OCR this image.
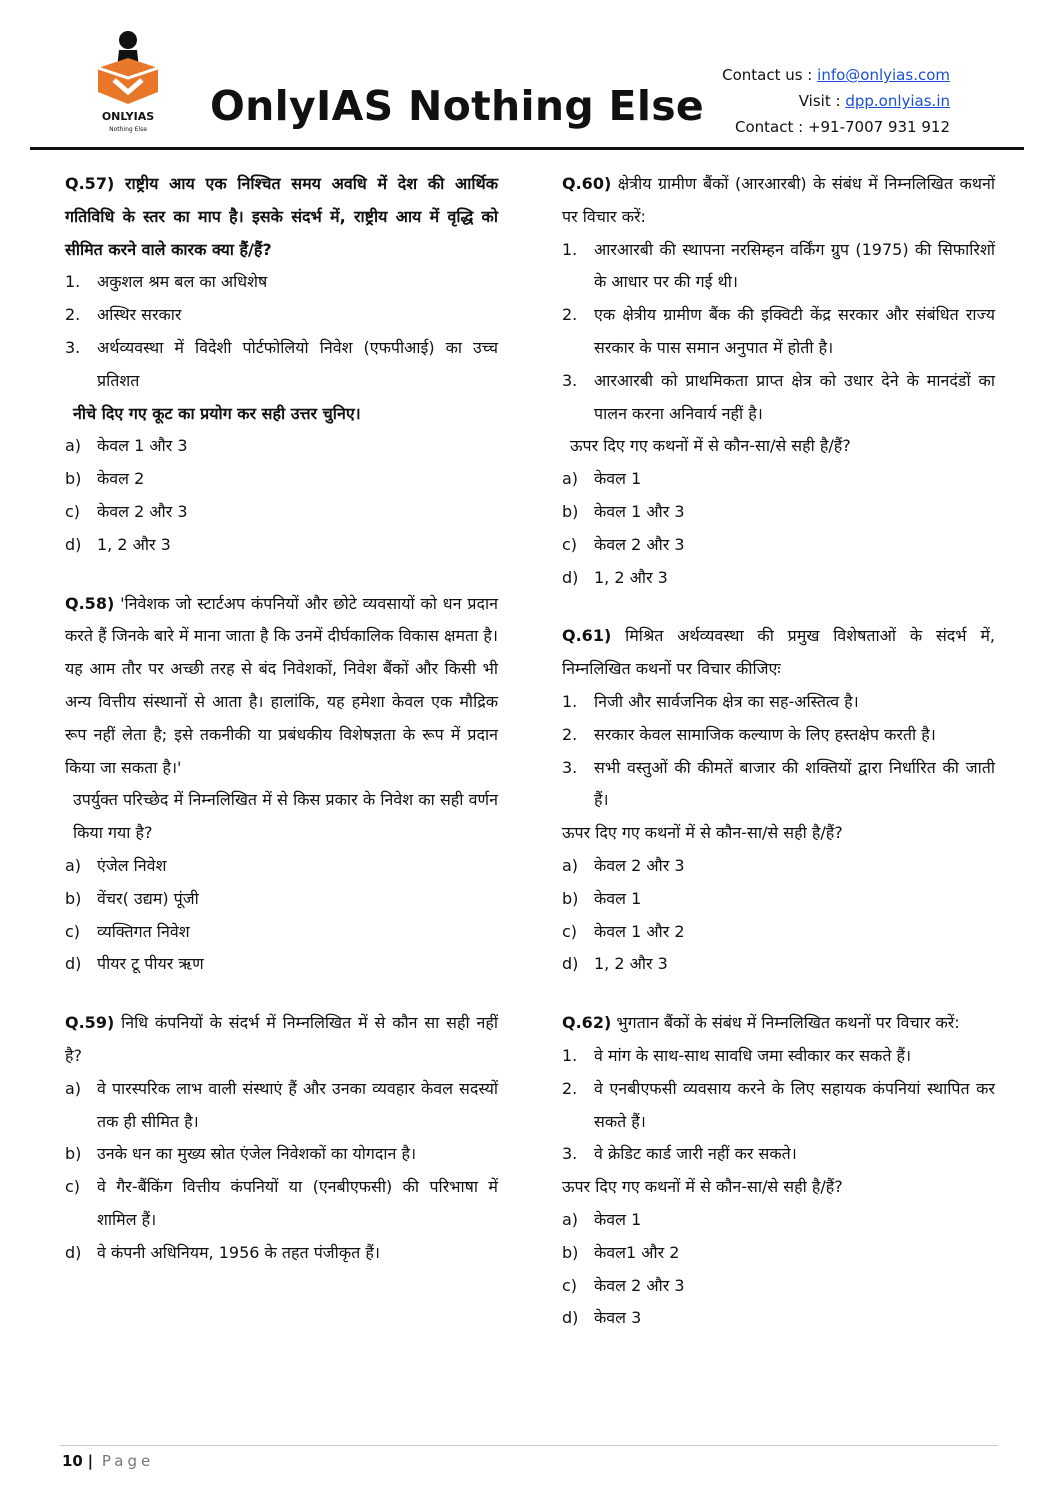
ONLYIAS
Nothing Else OnlyIAS Nothing Else
Contact us : info@onlyias.com
Visit : dpp.onlyias.in
Contact : +91-7007 931 912

Q.57) राष्ट्रीय आय एक निश्चित समय अवधि में देश की आर्थिक गतिविधि के स्तर का माप है। इसके संदर्भ में, राष्ट्रीय आय में वृद्धि को सीमित करने वाले कारक क्या हैं/हैं?

1. अकुशल श्रम बल का अधिशेष

2. अस्थिर सरकार

3. अर्थव्यवस्था में विदेशी पोर्टफोलियो निवेश (एफपीआई) का उच्च प्रतिशत

नीचे दिए गए कूट का प्रयोग कर सही उत्तर चुनिए।

a) केवल 1 और 3

b) केवल 2

c) केवल 2 और 3

d) 1, 2 और 3

Q.58) 'निवेशक जो स्टार्टअप कंपनियों और छोटे व्यवसायों को धन प्रदान करते हैं जिनके बारे में माना जाता है कि उनमें दीर्घकालिक विकास क्षमता है। यह आम तौर पर अच्छी तरह से बंद निवेशकों, निवेश बैंकों और किसी भी अन्य वित्तीय संस्थानों से आता है। हालांकि, यह हमेशा केवल एक मौद्रिक रूप नहीं लेता है; इसे तकनीकी या प्रबंधकीय विशेषज्ञता के रूप में प्रदान किया जा सकता है।'

उपर्युक्त परिच्छेद में निम्नलिखित में से किस प्रकार के निवेश का सही वर्णन किया गया है?

a) एंजेल निवेश

b) वेंचर( उद्यम) पूंजी

c) व्यक्तिगत निवेश

d) पीयर टू पीयर ऋण

Q.59) निधि कंपनियों के संदर्भ में निम्नलिखित में से कौन सा सही नहीं है?

a) वे पारस्परिक लाभ वाली संस्थाएं हैं और उनका व्यवहार केवल सदस्यों तक ही सीमित है।

b) उनके धन का मुख्य स्रोत एंजेल निवेशकों का योगदान है।

c) वे गैर-बैंकिंग वित्तीय कंपनियों या (एनबीएफसी) की परिभाषा में शामिल हैं।

d) वे कंपनी अधिनियम, 1956 के तहत पंजीकृत हैं।

Q.60) क्षेत्रीय ग्रामीण बैंकों (आरआरबी) के संबंध में निम्नलिखित कथनों पर विचार करें:

1. आरआरबी की स्थापना नरसिम्हन वर्किंग ग्रुप (1975) की सिफारिशों के आधार पर की गई थी।

2. एक क्षेत्रीय ग्रामीण बैंक की इक्विटी केंद्र सरकार और संबंधित राज्य सरकार के पास समान अनुपात में होती है।

3. आरआरबी को प्राथमिकता प्राप्त क्षेत्र को उधार देने के मानदंडों का पालन करना अनिवार्य नहीं है।

ऊपर दिए गए कथनों में से कौन-सा/से सही है/हैं?

a) केवल 1

b) केवल 1 और 3

c) केवल 2 और 3

d) 1, 2 और 3

Q.61) मिश्रित अर्थव्यवस्था की प्रमुख विशेषताओं के संदर्भ में, निम्नलिखित कथनों पर विचार कीजिएः

1. निजी और सार्वजनिक क्षेत्र का सह-अस्तित्व है।

2. सरकार केवल सामाजिक कल्याण के लिए हस्तक्षेप करती है।

3. सभी वस्तुओं की कीमतें बाजार की शक्तियों द्वारा निर्धारित की जाती हैं।

ऊपर दिए गए कथनों में से कौन-सा/से सही है/हैं?

a) केवल 2 और 3

b) केवल 1

c) केवल 1 और 2

d) 1, 2 और 3

Q.62) भुगतान बैंकों के संबंध में निम्नलिखित कथनों पर विचार करें:

1. वे मांग के साथ-साथ सावधि जमा स्वीकार कर सकते हैं।

2. वे एनबीएफसी व्यवसाय करने के लिए सहायक कंपनियां स्थापित कर सकते हैं।

3. वे क्रेडिट कार्ड जारी नहीं कर सकते।

ऊपर दिए गए कथनों में से कौन-सा/से सही है/हैं?

a) केवल 1

b) केवल1 और 2

c) केवल 2 और 3

d) केवल 3

10 | Page
